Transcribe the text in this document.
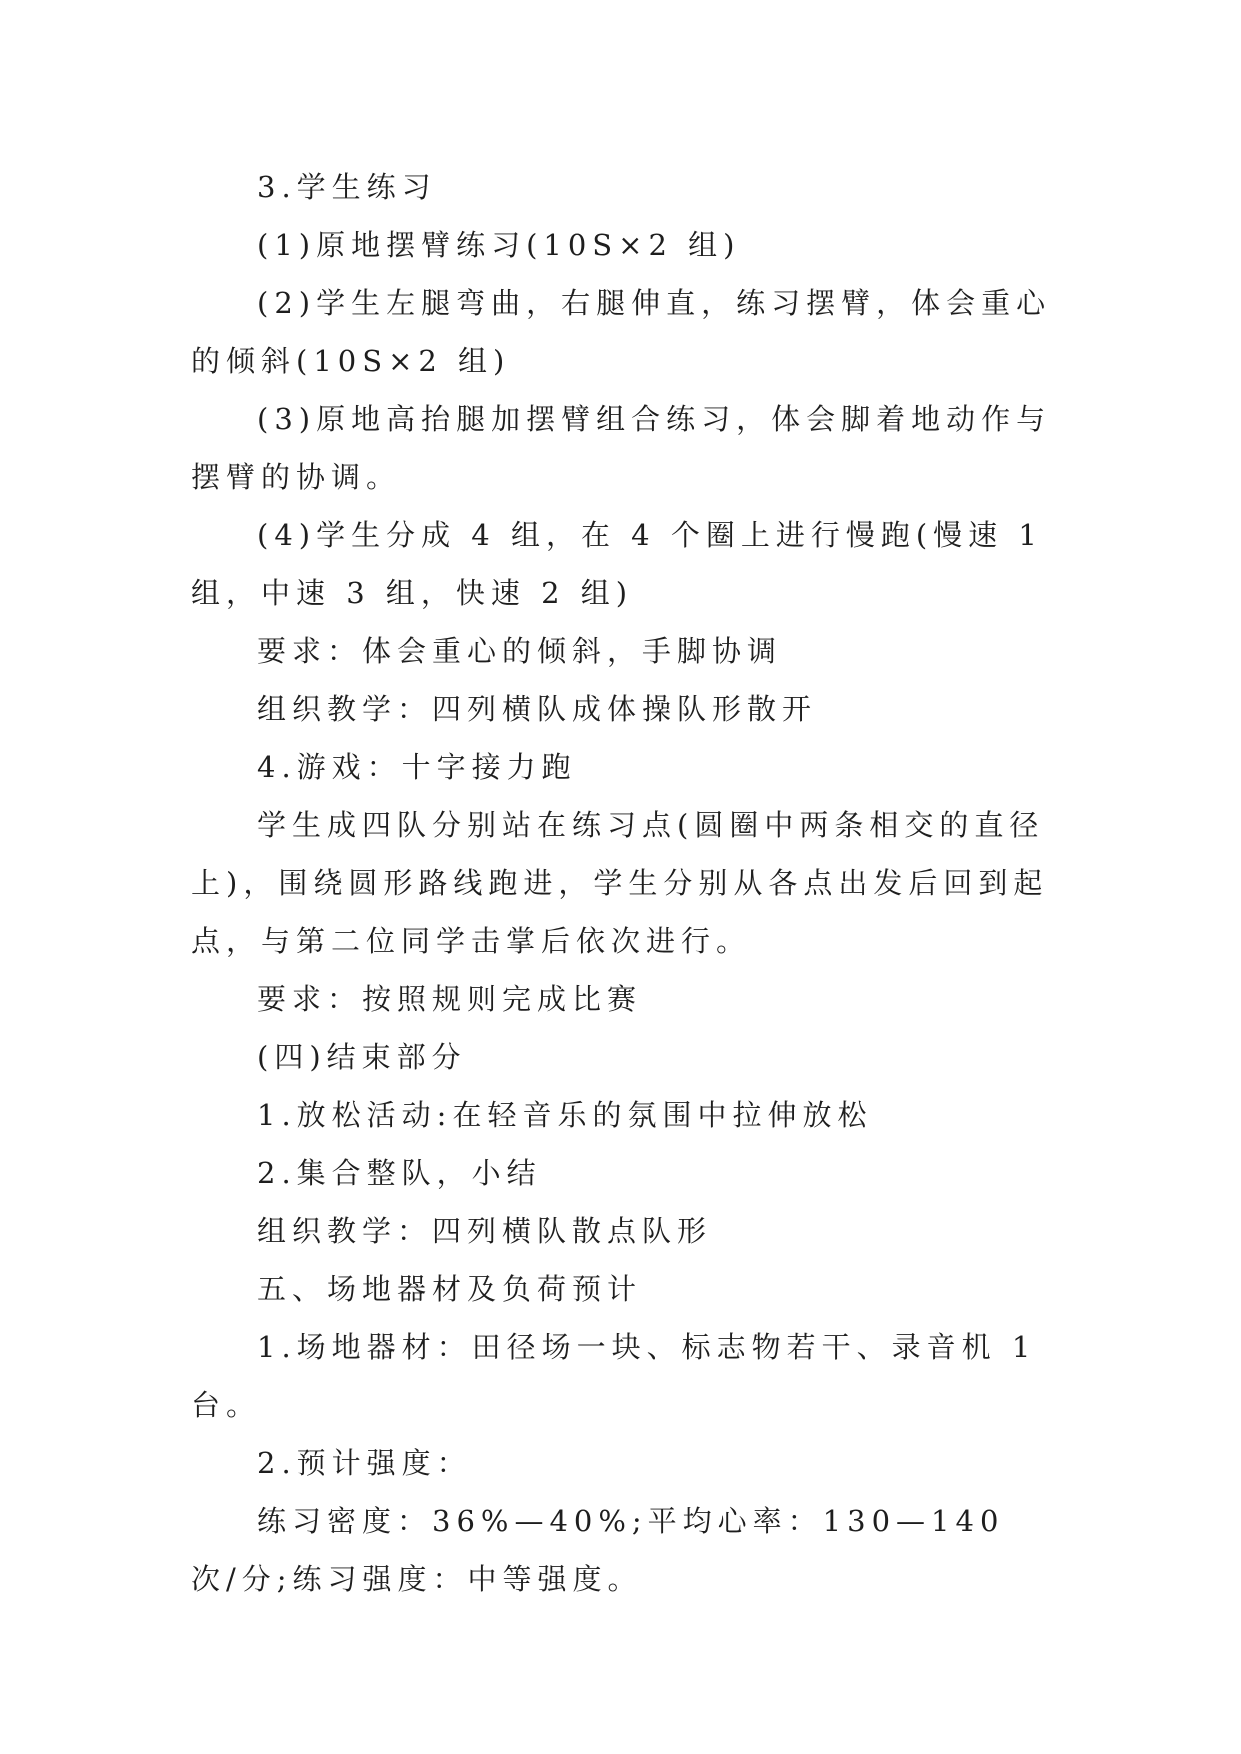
3.学生练习

(1)原地摆臂练习(10S×2 组)

(2)学生左腿弯曲，右腿伸直，练习摆臂，体会重心的倾斜(10S×2 组)

(3)原地高抬腿加摆臂组合练习，体会脚着地动作与摆臂的协调。

(4)学生分成 4 组，在 4 个圈上进行慢跑(慢速 1 组，中速 3 组，快速 2 组)

要求：体会重心的倾斜，手脚协调

组织教学：四列横队成体操队形散开

4.游戏：十字接力跑

学生成四队分别站在练习点(圆圈中两条相交的直径上)，围绕圆形路线跑进，学生分别从各点出发后回到起点，与第二位同学击掌后依次进行。

要求：按照规则完成比赛

(四)结束部分

1.放松活动:在轻音乐的氛围中拉伸放松

2.集合整队，小结

组织教学：四列横队散点队形

五、场地器材及负荷预计

1.场地器材：田径场一块、标志物若干、录音机 1 台。

2.预计强度：

练习密度：36%—40%;平均心率：130—140 次/分;练习强度：中等强度。
